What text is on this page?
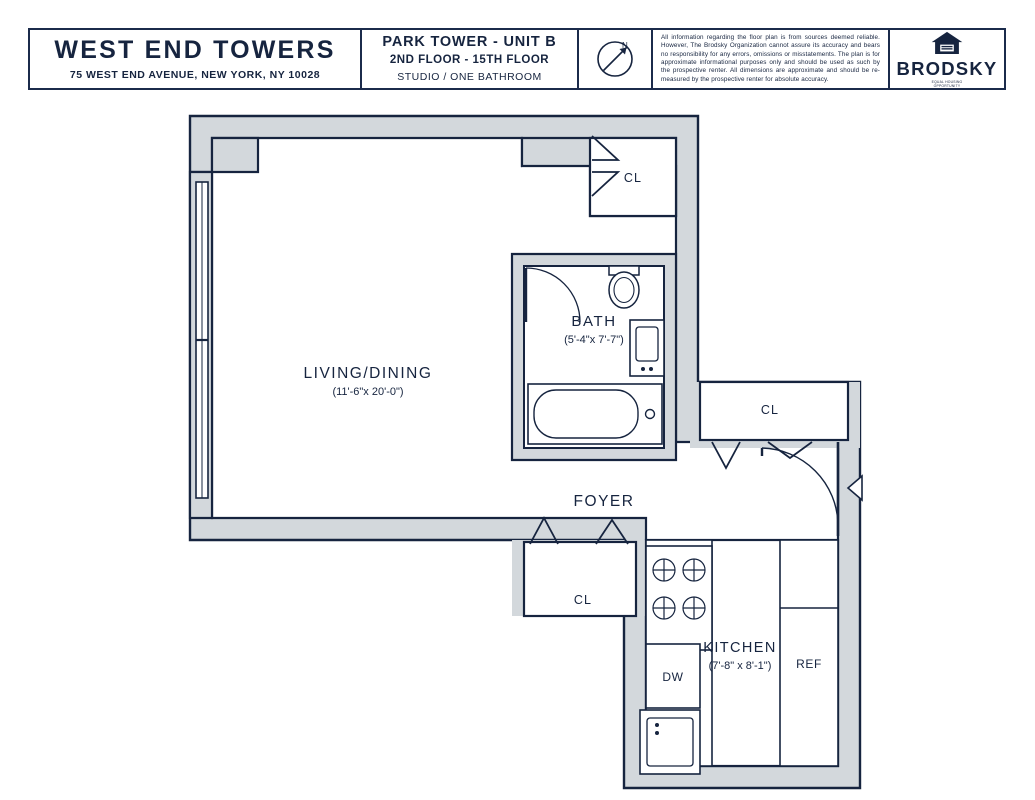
WEST END TOWERS
75 WEST END AVENUE, NEW YORK, NY 10028
PARK TOWER - UNIT B
2ND FLOOR - 15TH FLOOR
STUDIO / ONE BATHROOM
N
All information regarding the floor plan is from sources deemed reliable. However, The Brodsky Organization cannot assure its accuracy and bears no responsibility for any errors, omissions or misstatements. The plan is for approximate informational purposes only and should be used as such by the prospective renter. All dimensions are approximate and should be re-measured by the prospective renter for absolute accuracy.
BRODSKY
EQUAL HOUSING
OPPORTUNITY
CL
BATH
(5'-4"x 7'-7")
CL
CL
DW
REF
KITCHEN
(7'-8" x 8'-1")
LIVING/DINING
(11'-6"x 20'-0")
FOYER
